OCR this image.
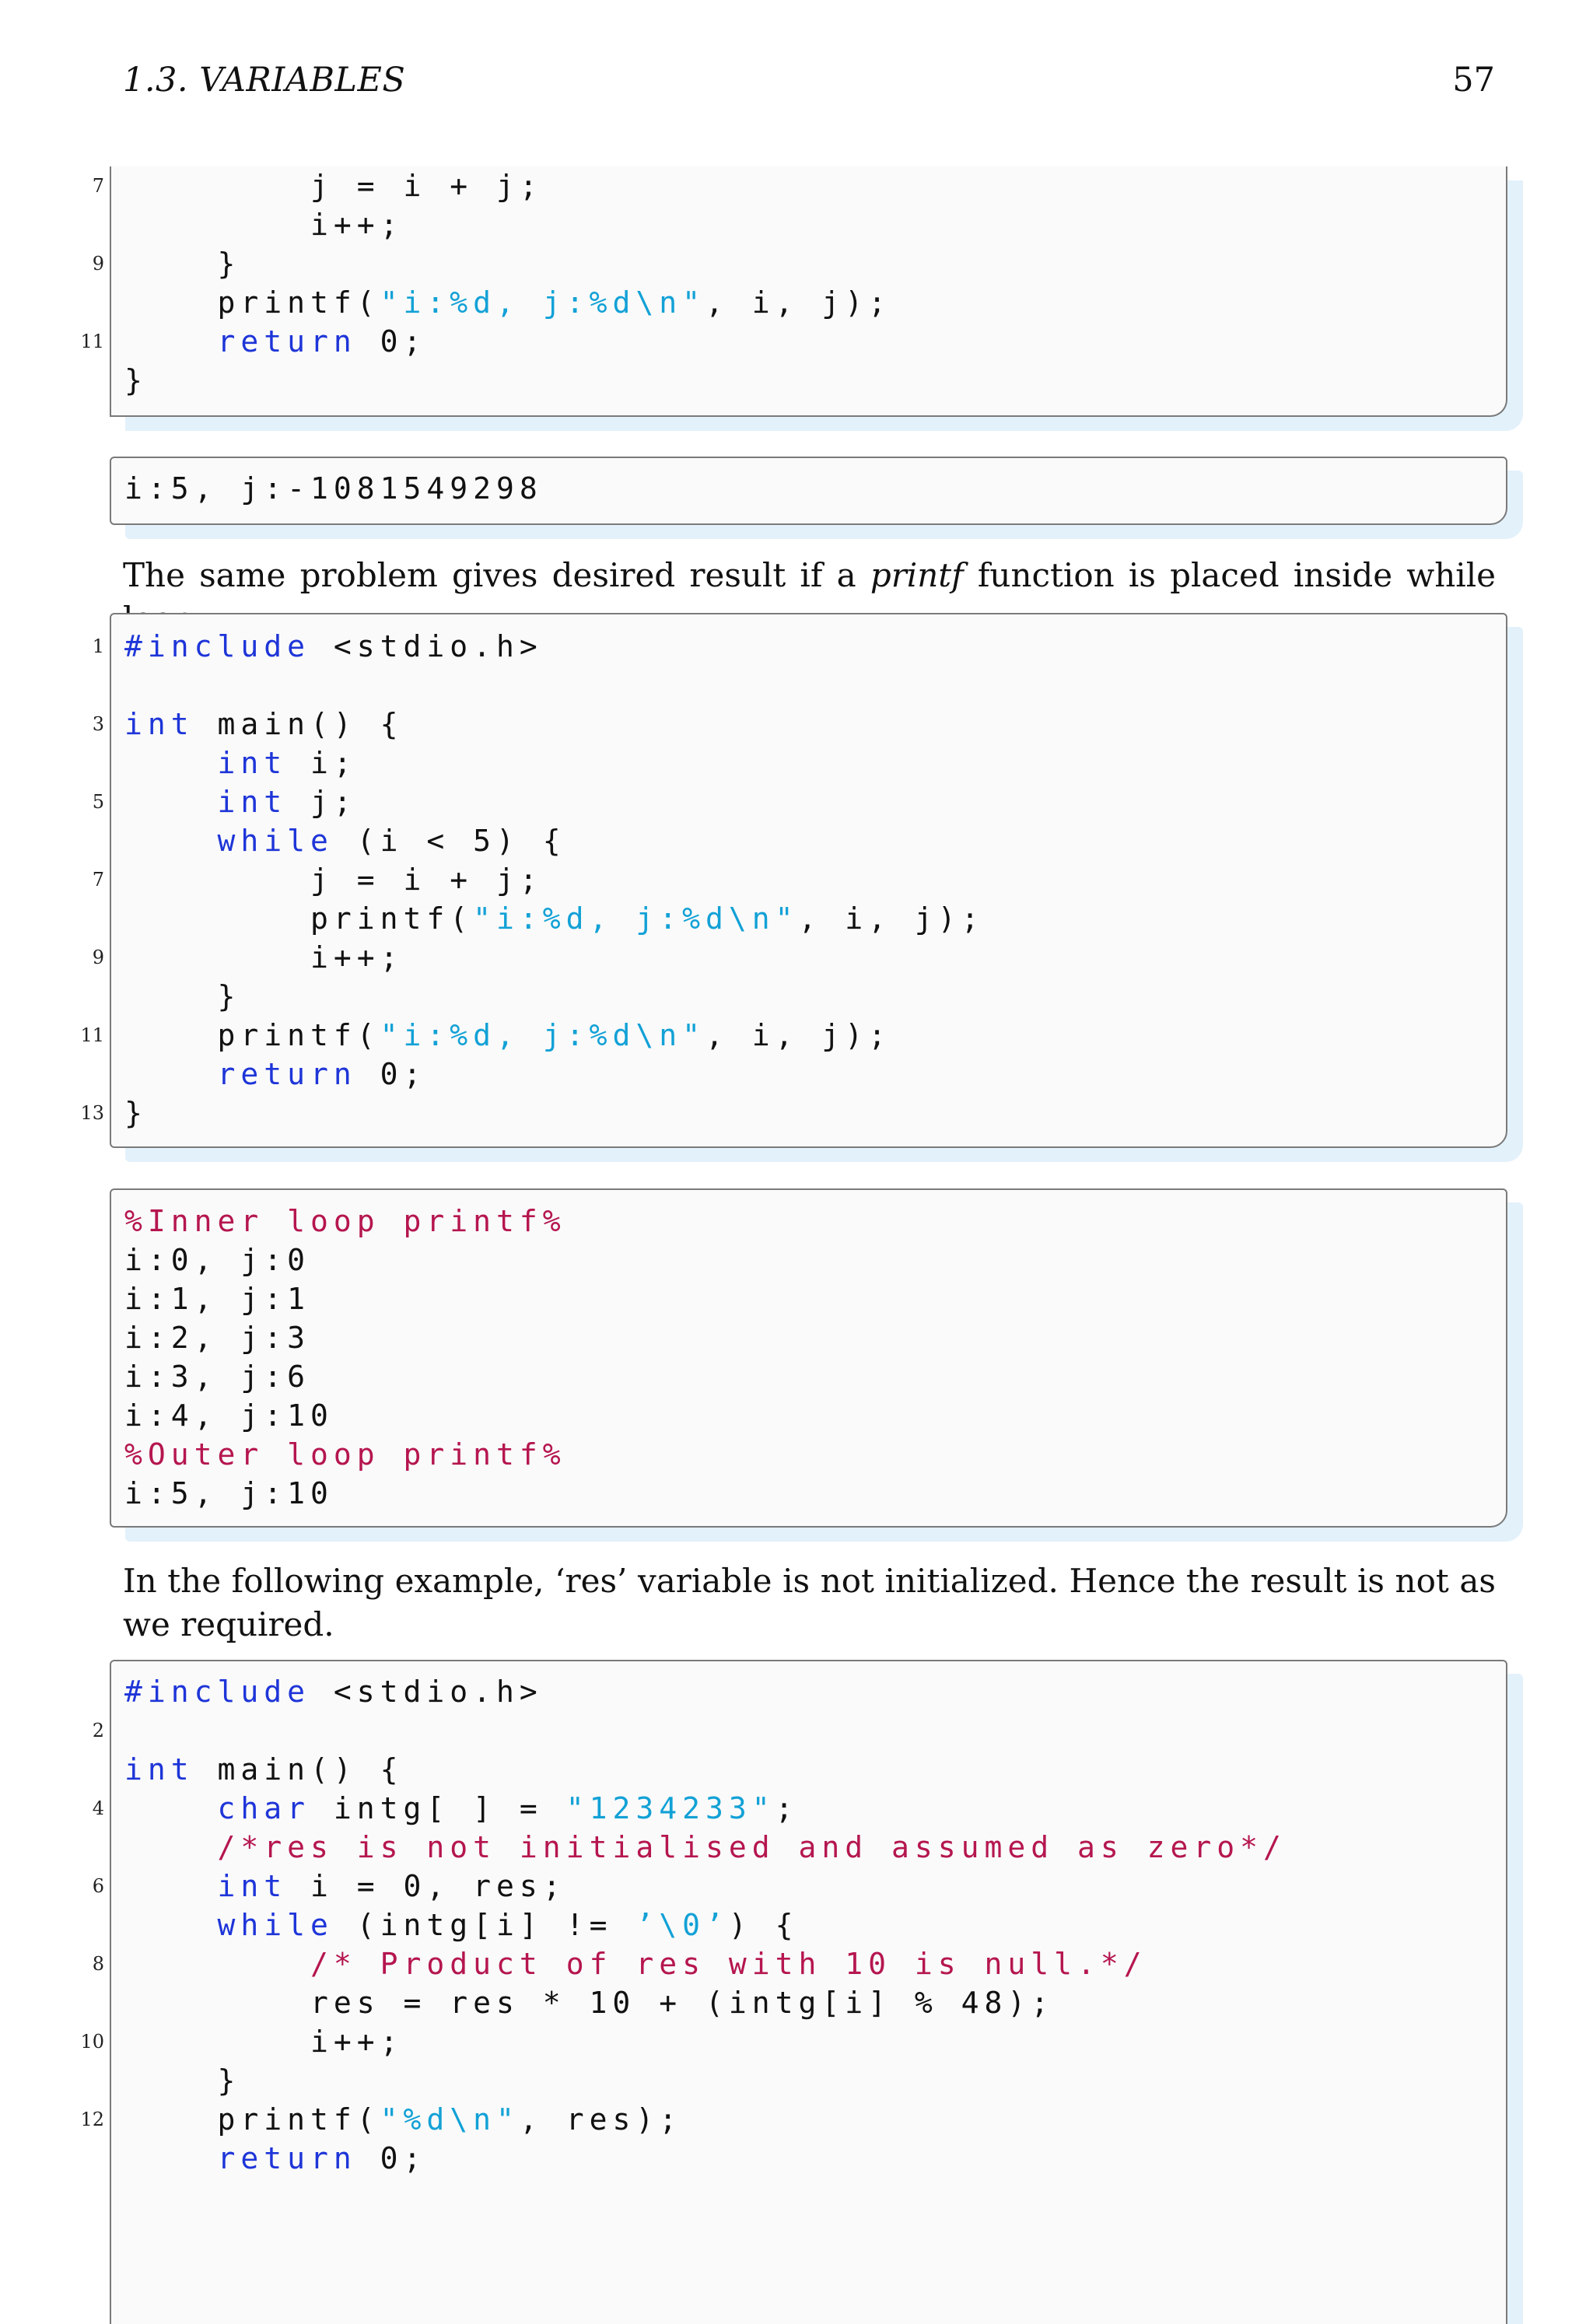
1.3. VARIABLES	57
7

9

11

j = i + j;
i++;
}
printf("i:%d, j:%d\n", i, j);
return 0;
}
i:5, j:-1081549298
The same problem gives desired result if a printf function is placed inside while
1

3

5

7

9

11

13
#include <stdio.h>

int main() {
int i;
int j;
while (i < 5) {
j = i + j;
printf("i:%d, j:%d\n", i, j);
i++;
}
printf("i:%d, j:%d\n", i, j);
return 0;
}
%Inner loop printf%
i:0, j:0
i:1, j:1
i:2, j:3
i:3, j:6
i:4, j:10
%Outer loop printf%
i:5, j:10
In the following example, ‘res’ variable is not initialized. Hence the result is not as we required.

2

4

6

8

10

12

#include <stdio.h>

int main() {
char intg[ ] = "1234233";
/*res is not initialised and assumed as zero*/
int i = 0, res;
while (intg[i] != ’\0’) {
/* Product of res with 10 is null.*/
res = res * 10 + (intg[i] % 48);
i++;
}
printf("%d\n", res);
return 0;
